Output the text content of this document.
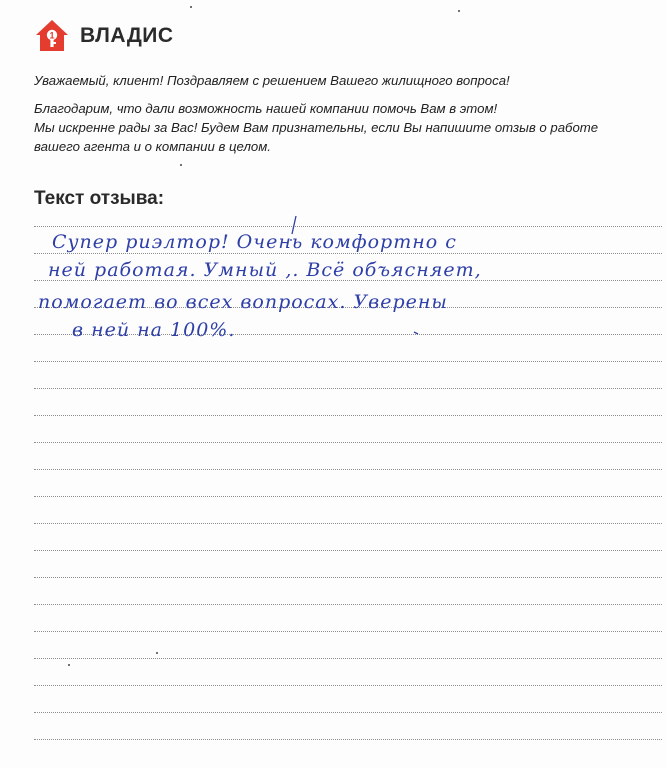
1 ВЛАДИС

Уважаемый, клиент! Поздравляем с решением Вашего жилищного вопроса!

Благодарим, что дали возможность нашей компании помочь Вам в этом!
Мы искренне рады за Вас! Будем Вам признательны, если Вы напишите отзыв о работе
вашего агента и о компании в целом.
Текст отзыва:
Супер риэлтор! Очень комфортно с
ней работая. Умный ,. Всё объясняет,
помогает во всех вопросах. Уверены
в ней на 100%.
